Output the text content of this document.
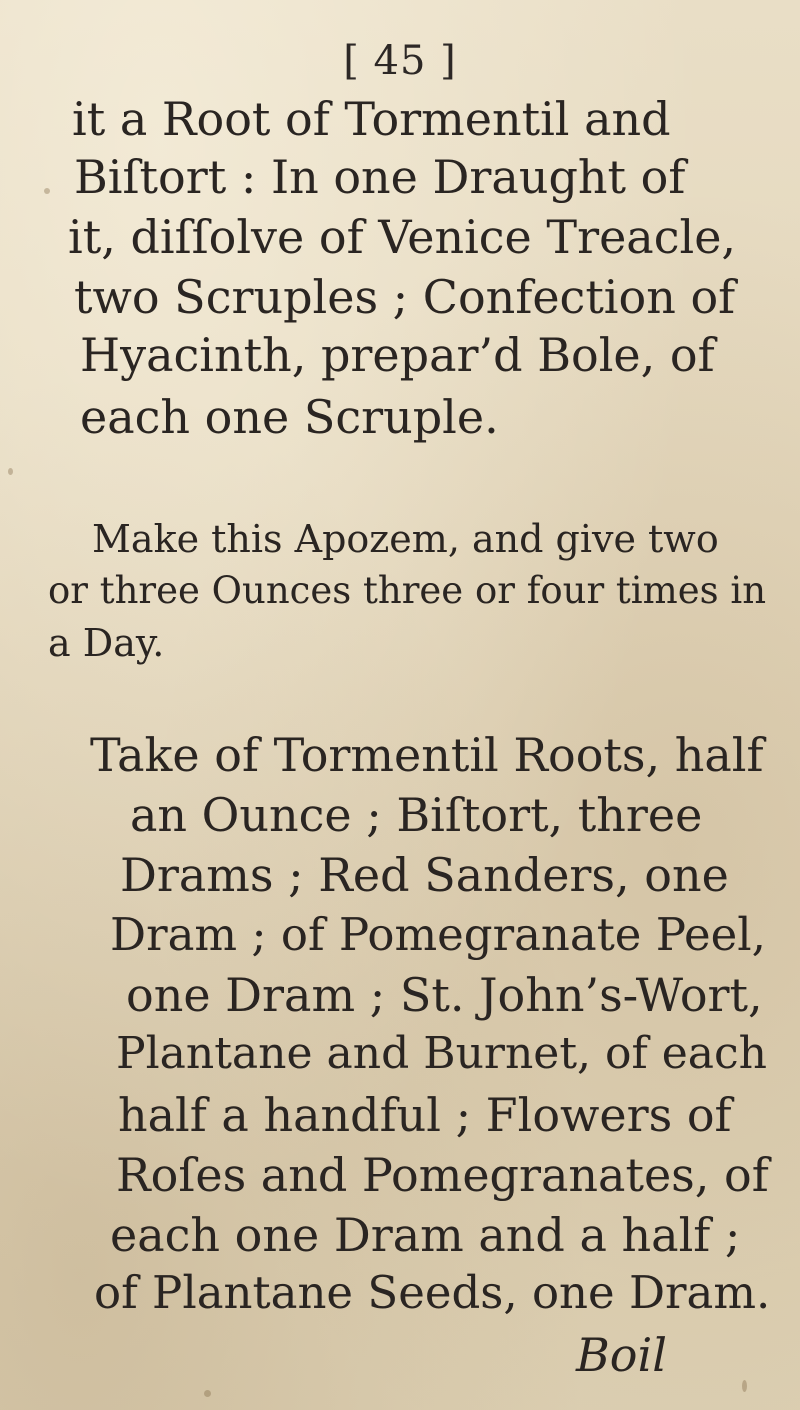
[ 45 ]
it a Root of Tormentil and
Biſtort : In one Draught of
it, diſſolve of Venice Treacle,
two Scruples ; Confection of
Hyacinth, prepar’d Bole, of
each one Scruple.
Make this Apozem, and give two
or three Ounces three or four times in
a Day.
Take of Tormentil Roots, half
an Ounce ; Biſtort, three
Drams ; Red Sanders, one
Dram ; of Pomegranate Peel,
one Dram ; St. John’s-Wort,
Plantane and Burnet, of each
half a handful ; Flowers of
Roſes and Pomegranates, of
each one Dram and a half ;
of Plantane Seeds, one Dram.
Boil
